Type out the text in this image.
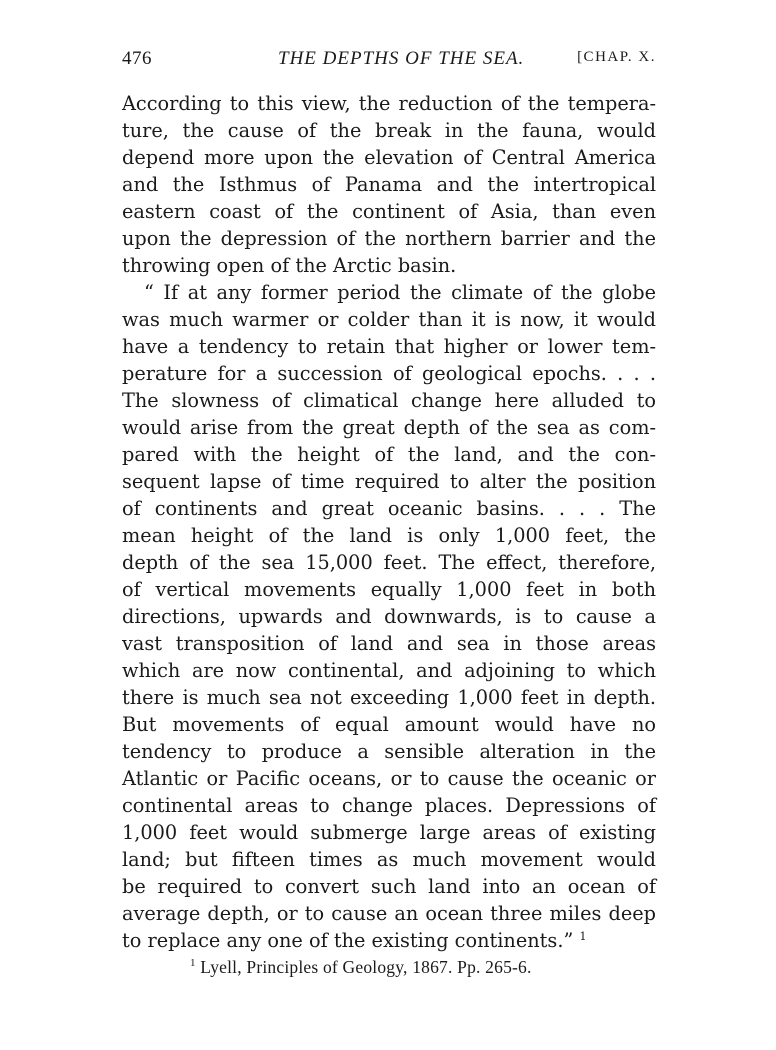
476	THE DEPTHS OF THE SEA.	[CHAP. X.
According to this view, the reduction of the tempera-
ture, the cause of the break in the fauna, would
depend more upon the elevation of Central America
and the Isthmus of Panama and the intertropical
eastern coast of the continent of Asia, than even
upon the depression of the northern barrier and the
throwing open of the Arctic basin.
“ If at any former period the climate of the globe
was much warmer or colder than it is now, it would
have a tendency to retain that higher or lower tem-
perature for a succession of geological epochs. . . .
The slowness of climatical change here alluded to
would arise from the great depth of the sea as com-
pared with the height of the land, and the con-
sequent lapse of time required to alter the position
of continents and great oceanic basins. . . . The
mean height of the land is only 1,000 feet, the
depth of the sea 15,000 feet. The effect, therefore,
of vertical movements equally 1,000 feet in both
directions, upwards and downwards, is to cause a
vast transposition of land and sea in those areas
which are now continental, and adjoining to which
there is much sea not exceeding 1,000 feet in depth.
But movements of equal amount would have no
tendency to produce a sensible alteration in the
Atlantic or Pacific oceans, or to cause the oceanic or
continental areas to change places. Depressions of
1,000 feet would submerge large areas of existing
land; but fifteen times as much movement would
be required to convert such land into an ocean of
average depth, or to cause an ocean three miles deep
to replace any one of the existing continents.” $^1$
$^1$ Lyell, Principles of Geology, 1867. Pp. 265-6.
